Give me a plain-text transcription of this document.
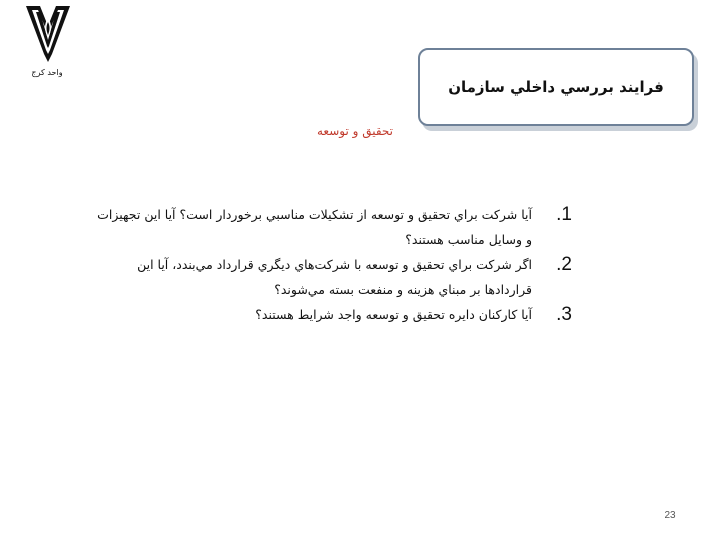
واحد كرج
فرايند بررسي داخلي سازمان
تحقيق و توسعه
1.
آيا شركت براي تحقيق و توسعه از تشكيلات مناسبي برخوردار است؟ آيا اين تجهيزات و وسايل مناسب هستند؟
2.
اگر شركت براي تحقيق و توسعه با شركت‌هاي ديگري قرارداد مي‌بندد، آيا اين قراردادها بر مبناي هزينه و منفعت بسته مي‌شوند؟
3.
آيا كاركنان دايره تحقيق و توسعه واجد شرايط هستند؟
23
